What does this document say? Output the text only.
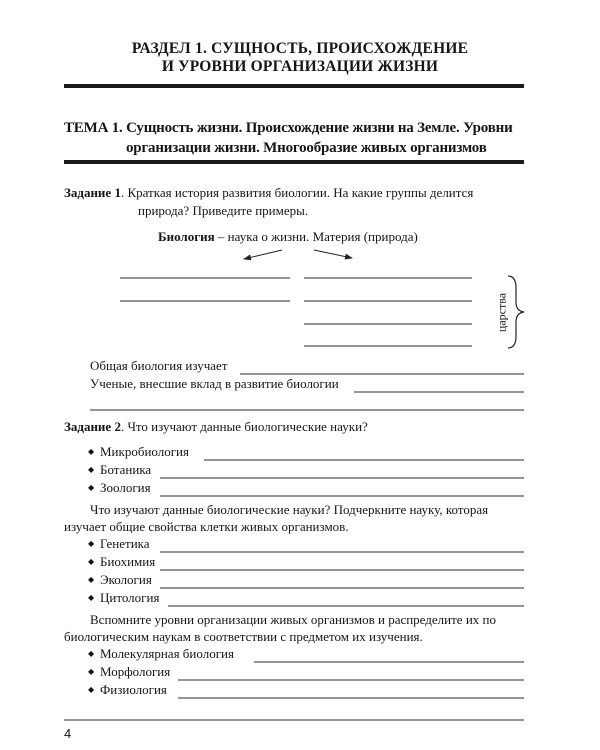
РАЗДЕЛ 1. СУЩНОСТЬ, ПРОИСХОЖДЕНИЕ
И УРОВНИ ОРГАНИЗАЦИИ ЖИЗНИ
ТЕМА 1. Сущность жизни. Происхождение жизни на Земле. Уровни
организации жизни. Многообразие живых организмов
Задание 1. Краткая история развития биологии. На какие группы делится
природа? Приведите примеры.
Биология – наука о жизни. Материя (природа)
царства
Общая биология изучает
Ученые, внесшие вклад в развитие биологии
Задание 2. Что изучают данные биологические науки?
◆ Микробиология
◆ Ботаника
◆ Зоология
Что изучают данные биологические науки? Подчеркните науку, которая
изучает общие свойства клетки живых организмов.
◆ Генетика
◆ Биохимия
◆ Экология
◆ Цитология
Вспомните уровни организации живых организмов и распределите их по
биологическим наукам в соответствии с предметом их изучения.
◆ Молекулярная биология
◆ Морфология
◆ Физиология
4
